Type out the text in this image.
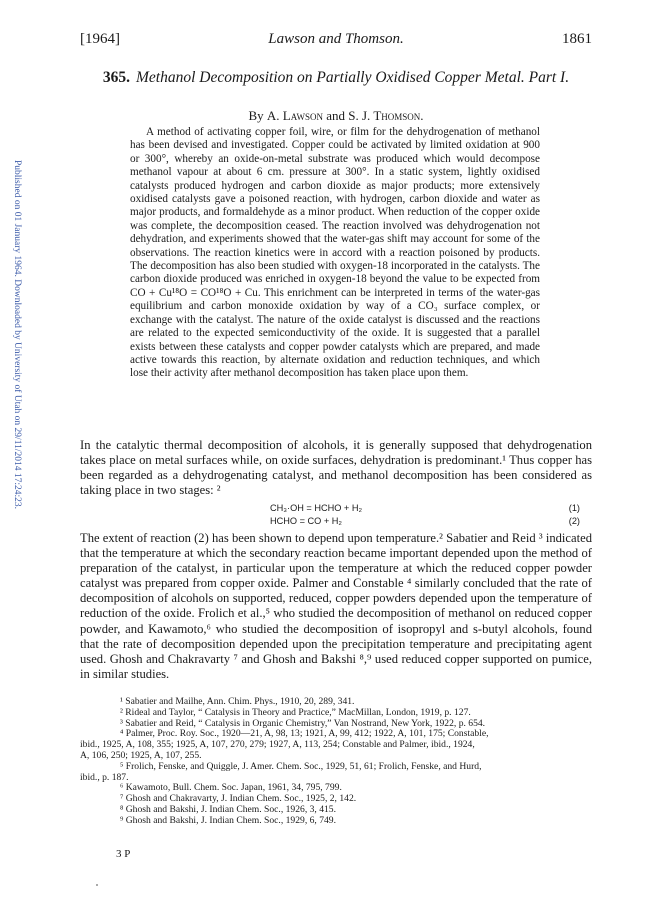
[1964]	Lawson and Thomson.	1861
Published on 01 January 1964. Downloaded by University of Utah on 29/11/2014 17:24:23.
365. Methanol Decomposition on Partially Oxidised Copper Metal. Part I.
By A. Lawson and S. J. Thomson.

A method of activating copper foil, wire, or film for the dehydrogenation of methanol has been devised and investigated. Copper could be activated by limited oxidation at 900 or 300°, whereby an oxide-on-metal substrate was produced which would decompose methanol vapour at about 6 cm. pressure at 300°. In a static system, lightly oxidised catalysts produced hydrogen and carbon dioxide as major products; more extensively oxidised catalysts gave a poisoned reaction, with hydrogen, carbon dioxide and water as major products, and formaldehyde as a minor product. When reduction of the copper oxide was complete, the decomposition ceased. The reaction involved was dehydrogenation not dehydration, and experiments showed that the water-gas shift may account for some of the observations. The reaction kinetics were in accord with a reaction poisoned by products. The decomposition has also been studied with oxygen-18 incorporated in the catalysts. The carbon dioxide produced was enriched in oxygen-18 beyond the value to be expected from CO + Cu¹⁸O = CO¹⁸O + Cu. This enrichment can be interpreted in terms of the water-gas equilibrium and carbon monoxide oxidation by way of a CO₃ surface complex, or exchange with the catalyst. The nature of the oxide catalyst is discussed and the reactions are related to the expected semiconductivity of the oxide. It is suggested that a parallel exists between these catalysts and copper powder catalysts which are prepared, and made active towards this reaction, by alternate oxidation and reduction techniques, and which lose their activity after methanol decomposition has taken place upon them.

In the catalytic thermal decomposition of alcohols, it is generally supposed that dehydrogenation takes place on metal surfaces while, on oxide surfaces, dehydration is predominant.¹ Thus copper has been regarded as a dehydrogenating catalyst, and methanol decomposition has been considered as taking place in two stages: ²

CH₃·OH = HCHO + H₂	(1)
HCHO = CO + H₂	(2)

The extent of reaction (2) has been shown to depend upon temperature.² Sabatier and Reid ³ indicated that the temperature at which the secondary reaction became important depended upon the method of preparation of the catalyst, in particular upon the temperature at which the reduced copper powder catalyst was prepared from copper oxide. Palmer and Constable ⁴ similarly concluded that the rate of decomposition of alcohols on supported, reduced, copper powders depended upon the temperature of reduction of the oxide. Frolich et al.,⁵ who studied the decomposition of methanol on reduced copper powder, and Kawamoto,⁶ who studied the decomposition of isopropyl and s-butyl alcohols, found that the rate of decomposition depended upon the precipitation temperature and precipitating agent used. Ghosh and Chakravarty ⁷ and Ghosh and Bakshi ⁸,⁹ used reduced copper supported on pumice, in similar studies.

¹ Sabatier and Mailhe, Ann. Chim. Phys., 1910, 20, 289, 341.
² Rideal and Taylor, “ Catalysis in Theory and Practice,” MacMillan, London, 1919, p. 127.
³ Sabatier and Reid, “ Catalysis in Organic Chemistry,” Van Nostrand, New York, 1922, p. 654.
⁴ Palmer, Proc. Roy. Soc., 1920—21, A, 98, 13; 1921, A, 99, 412; 1922, A, 101, 175; Constable,
ibid., 1925, A, 108, 355; 1925, A, 107, 270, 279; 1927, A, 113, 254; Constable and Palmer, ibid., 1924,
A, 106, 250; 1925, A, 107, 255.
⁵ Frolich, Fenske, and Quiggle, J. Amer. Chem. Soc., 1929, 51, 61; Frolich, Fenske, and Hurd,
ibid., p. 187.
⁶ Kawamoto, Bull. Chem. Soc. Japan, 1961, 34, 795, 799.
⁷ Ghosh and Chakravarty, J. Indian Chem. Soc., 1925, 2, 142.
⁸ Ghosh and Bakshi, J. Indian Chem. Soc., 1926, 3, 415.
⁹ Ghosh and Bakshi, J. Indian Chem. Soc., 1929, 6, 749.
3 P
